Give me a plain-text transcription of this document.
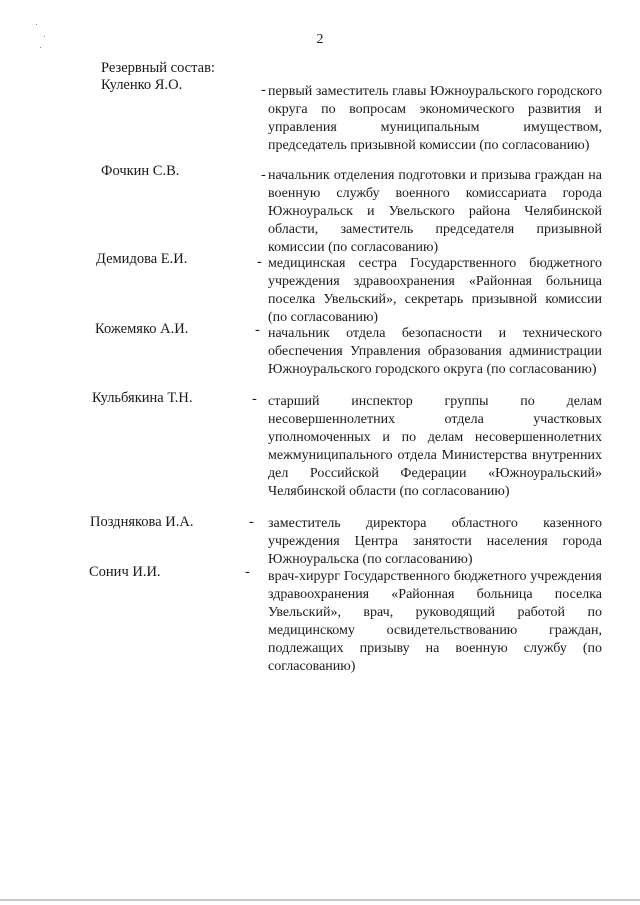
2
Резервный состав:
Куленко Я.О.	- первый заместитель главы Южноуральского городского округа по вопросам экономического развития и управления муниципальным имуществом, председатель призывной комиссии (по согласованию)
Фочкин С.В.	- начальник отделения подготовки и призыва граждан на военную службу военного комиссариата города Южноуральск и Увельского района Челябинской области, заместитель председателя призывной комиссии (по согласованию)
Демидова Е.И.	- медицинская сестра Государственного бюджетного учреждения здравоохранения «Районная больница поселка Увельский», секретарь призывной комиссии (по согласованию)
Кожемяко А.И.	- начальник отдела безопасности и технического обеспечения Управления образования администрации Южноуральского городского округа (по согласованию)
Кульбякина Т.Н.	- старший инспектор группы по делам несовершеннолетних отдела участковых уполномоченных и по делам несовершеннолетних межмуниципального отдела Министерства внутренних дел Российской Федерации «Южноуральский» Челябинской области (по согласованию)
Позднякова И.А.	- заместитель директора областного казенного учреждения Центра занятости населения города Южноуральска (по согласованию)
Сонич И.И.	- врач-хирург Государственного бюджетного учреждения здравоохранения «Районная больница поселка Увельский», врач, руководящий работой по медицинскому освидетельствованию граждан, подлежащих призыву на военную службу (по согласованию)
